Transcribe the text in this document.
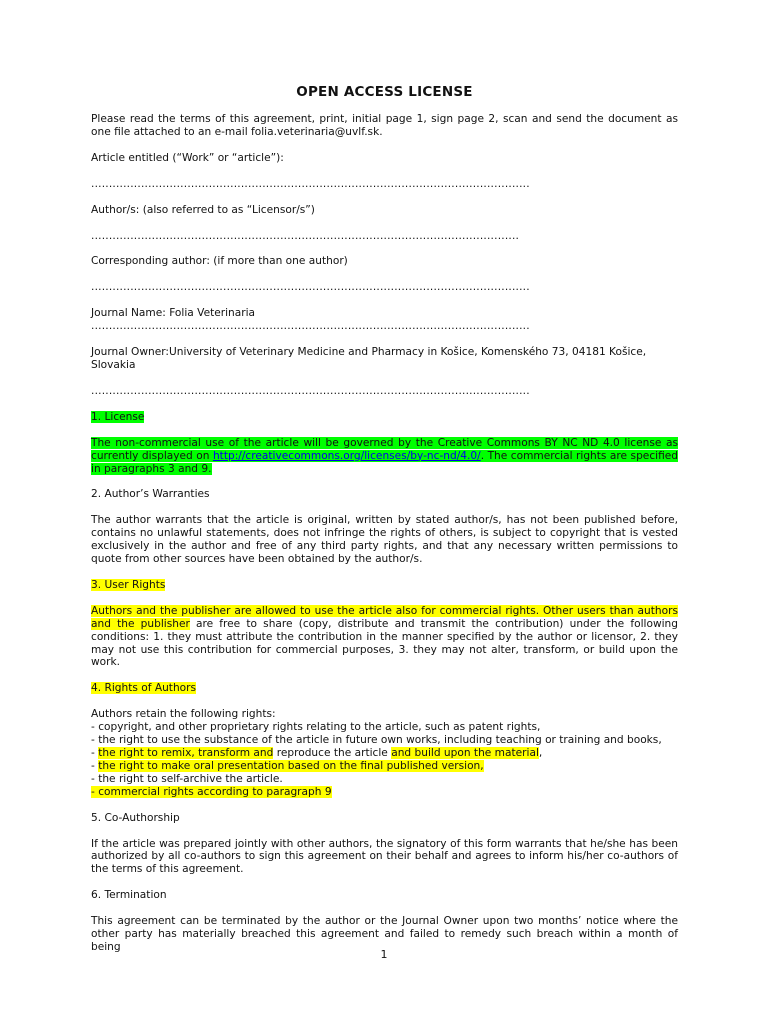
OPEN ACCESS LICENSE

Please read the terms of this agreement, print, initial page 1, sign page 2, scan and send the document as one file attached to an e-mail folia.veterinaria@uvlf.sk.

Article entitled (“Work” or “article”):

...........................................................................................................................

Author/s: (also referred to as “Licensor/s”)

........................................................................................................................

Corresponding author: (if more than one author)

...........................................................................................................................

Journal Name: Folia Veterinaria

...........................................................................................................................

Journal Owner:University of Veterinary Medicine and Pharmacy in Košice, Komenského 73, 04181 Košice, Slovakia

...........................................................................................................................

1. License

The non-commercial use of the article will be governed by the Creative Commons BY NC ND 4.0 license as currently displayed on http://creativecommons.org/licenses/by-nc-nd/4.0/. The commercial rights are specified in paragraphs 3 and 9.

2. Author’s Warranties

The author warrants that the article is original, written by stated author/s, has not been published before, contains no unlawful statements, does not infringe the rights of others, is subject to copyright that is vested exclusively in the author and free of any third party rights, and that any necessary written permissions to quote from other sources have been obtained by the author/s.

3. User Rights

Authors and the publisher are allowed to use the article also for commercial rights. Other users than authors and the publisher are free to share (copy, distribute and transmit the contribution) under the following conditions: 1. they must attribute the contribution in the manner specified by the author or licensor, 2. they may not use this contribution for commercial purposes, 3. they may not alter, transform, or build upon the work.

4. Rights of Authors

Authors retain the following rights:
- copyright, and other proprietary rights relating to the article, such as patent rights,
- the right to use the substance of the article in future own works, including teaching or training and books,
- the right to remix, transform and reproduce the article and build upon the material,
- the right to make oral presentation based on the final published version,
- the right to self-archive the article.
- commercial rights according to paragraph 9

5. Co-Authorship

If the article was prepared jointly with other authors, the signatory of this form warrants that he/she has been authorized by all co-authors to sign this agreement on their behalf and agrees to inform his/her co-authors of the terms of this agreement.

6. Termination

This agreement can be terminated by the author or the Journal Owner upon two months’ notice where the other party has materially breached this agreement and failed to remedy such breach within a month of being

1
